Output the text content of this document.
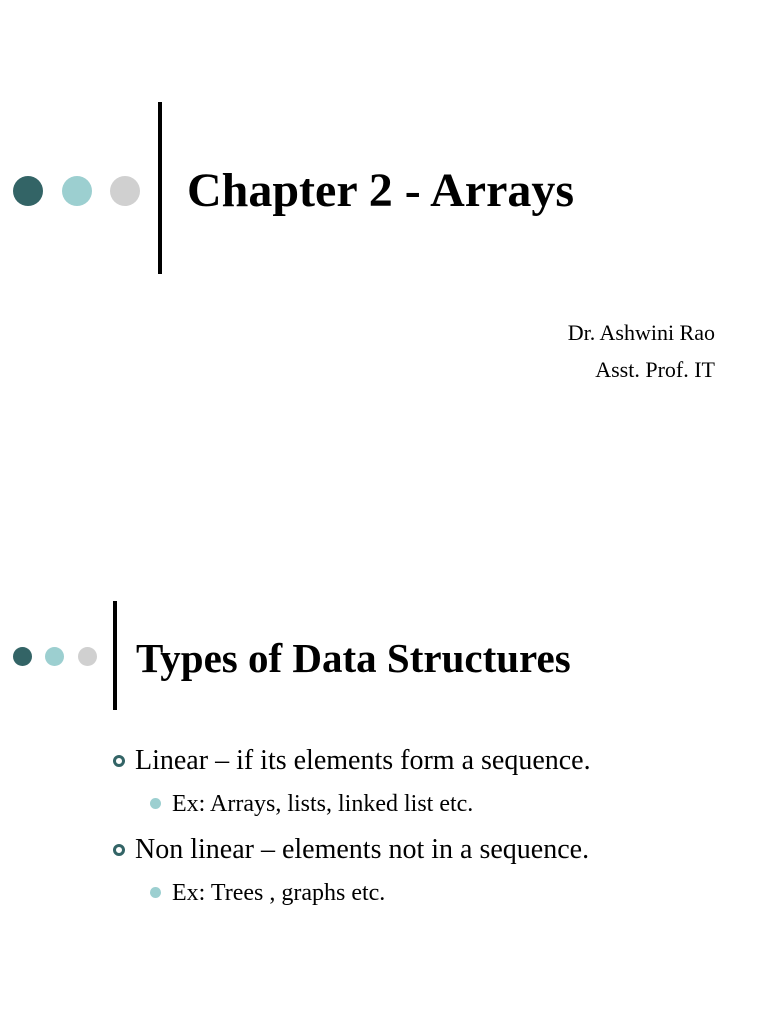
Chapter 2 - Arrays
Dr. Ashwini Rao
Asst. Prof. IT
Types of Data Structures
Linear – if its elements form a sequence.
Ex: Arrays, lists, linked list etc.
Non linear – elements not in a sequence.
Ex: Trees , graphs etc.
